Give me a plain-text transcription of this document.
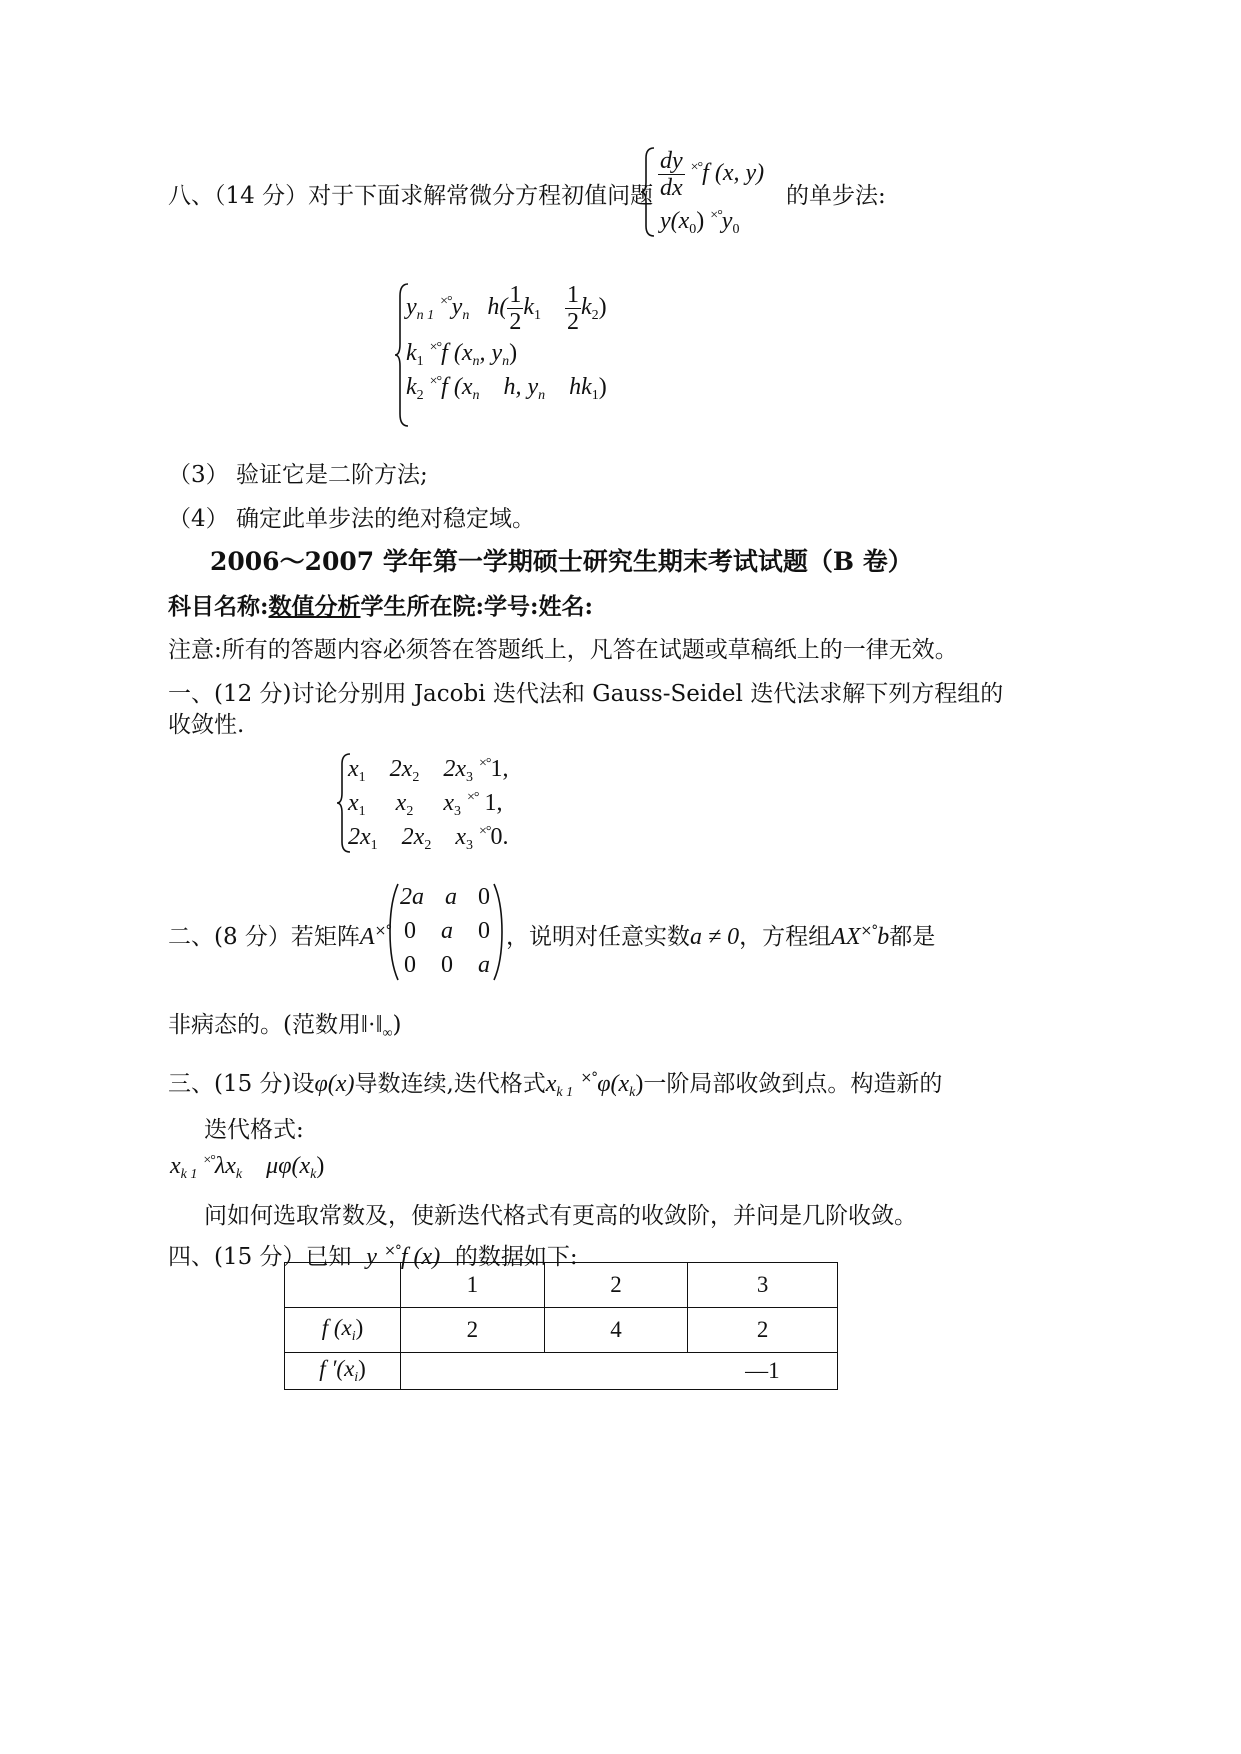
八、（14 分）对于下面求解常微分方程初值问题 $\frac{dy}{dx} ^{\times^\circ}f$ (x, y)
$y(x_0)$ $^{\times^\circ}y_0$
的单步法:
$y_{n 1}$ $^{\times^\circ}y_n$ $h( \frac{1}{2} k_1 \frac{1}{2} k_2)$
$k_1$ ×°f ($x_n$, $y_n$)
$k_2$ ×°f ($x_n$ h, $y_n$ $hk_1$)
（3） 验证它是二阶方法;
（4） 确定此单步法的绝对稳定域。
2006～2007 学年第一学期硕士研究生期末考试试题（B 卷）
科目名称:数值分析学生所在院:学号:姓名:
注意:所有的答题内容必须答在答题纸上，凡答在试题或草稿纸上的一律无效。
一、(12 分)讨论分别用 Jacobi 迭代法和 Gauss-Seidel 迭代法求解下列方程组的
收敛性.
$x_1$ $2x_2$ $2x_3$ ×°1,
$x_1$ $x_2$ $x_3$ ×° 1,
$2x_1$ $2x_2$ $x_3$ ×°0.
二、(8 分）若矩阵A×°
2a a 0
0 a 0
0 0 a
，说明对任意实数a ≠ 0，方程组AX×°b都是
非病态的。(范数用$‖\cdot‖_\infty$)
三、(15 分)设φ(x)导数连续,迭代格式$x_{k 1}$ $^{\times^\circ}\varphi(x_k)$一阶局部收敛到点。构造新的
迭代格式:
$x_{k 1}$ $^{\times^\circ}\lambda x_k$ $\mu\varphi(x_k)$
问如何选取常数及，使新迭代格式有更高的收敛阶，并问是几阶收敛。
四、(15 分）已知 y ×°f (x) 的数据如下:
	1	2	3
f $(x_i)$	2	4	2
f $'(x_i)$			—1
